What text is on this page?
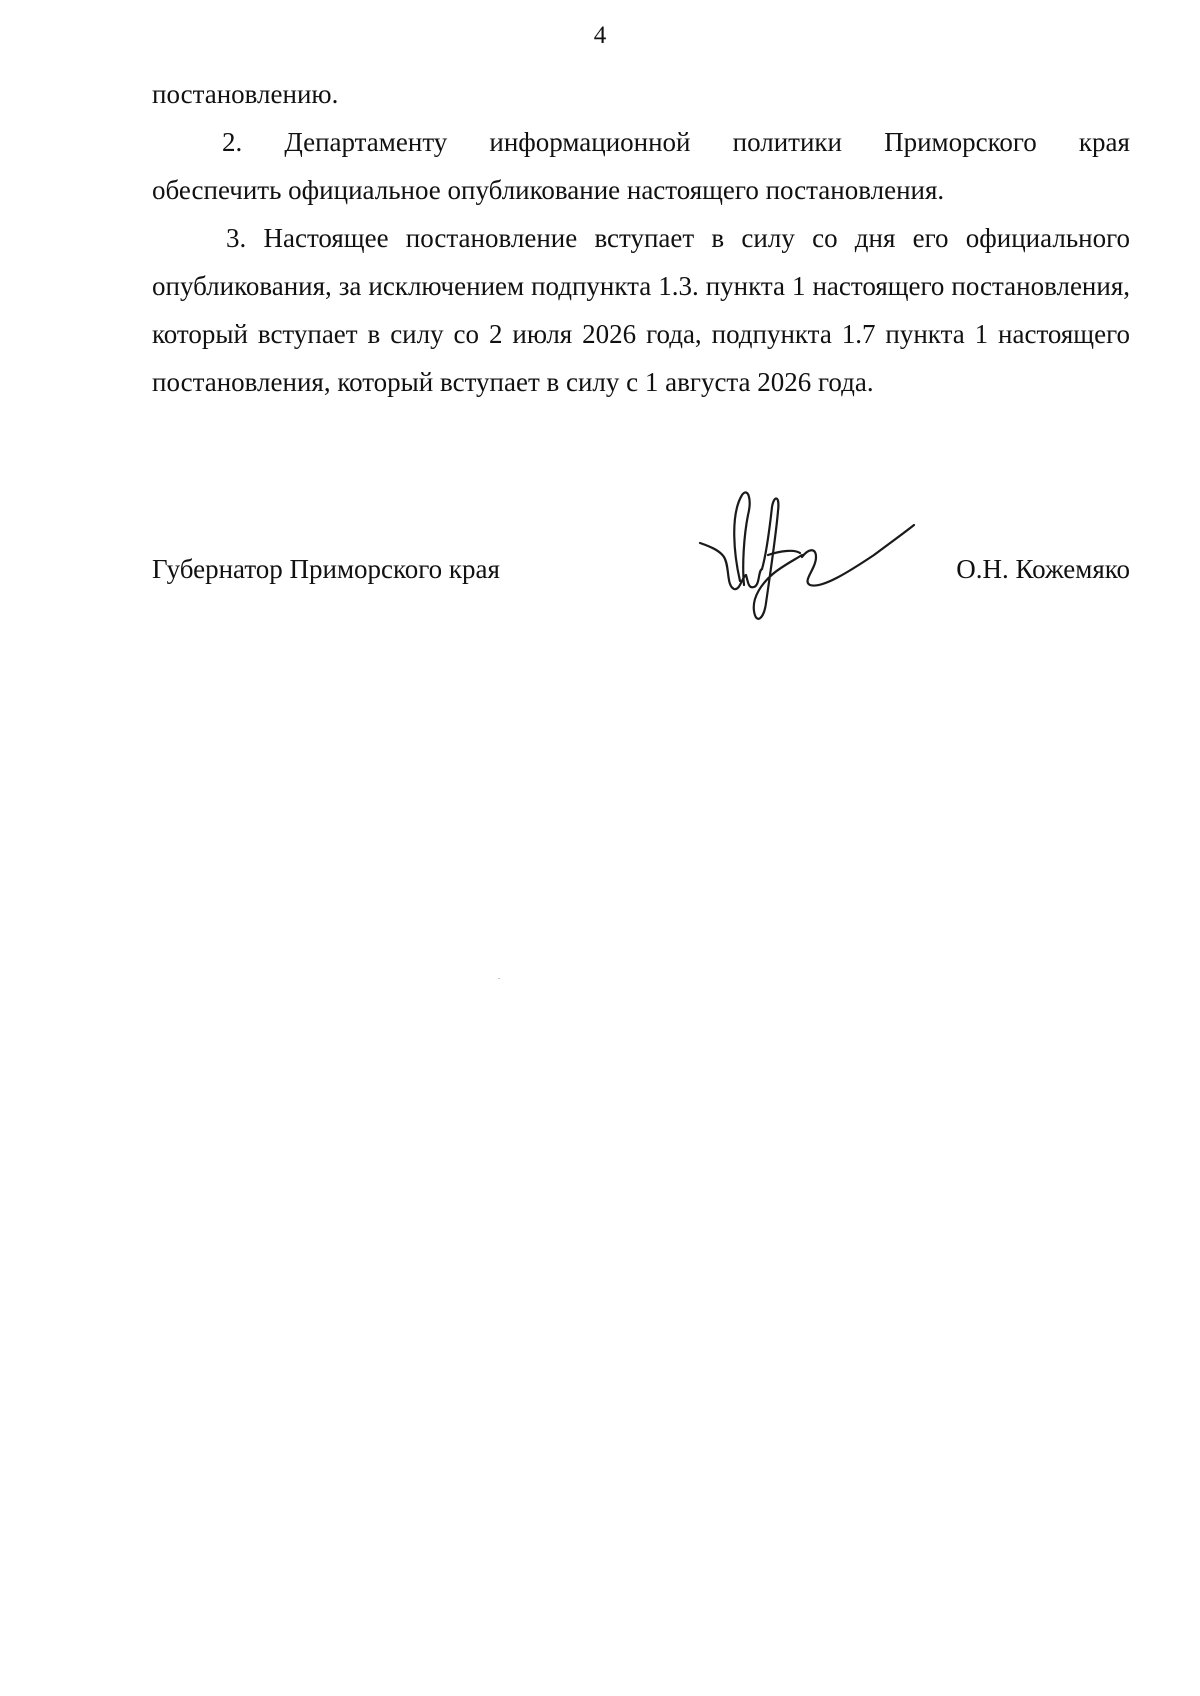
4
постановлению.
2. Департаменту информационной политики Приморского края
обеспечить официальное опубликование настоящего постановления.
3. Настоящее постановление вступает в силу со дня его официального опубликования, за исключением подпункта 1.3. пункта 1 настоящего постановления, который вступает в силу со 2 июля 2026 года, подпункта 1.7 пункта 1 настоящего постановления, который вступает в силу с 1 августа 2026 года.
Губернатор Приморского края	О.Н. Кожемяко
